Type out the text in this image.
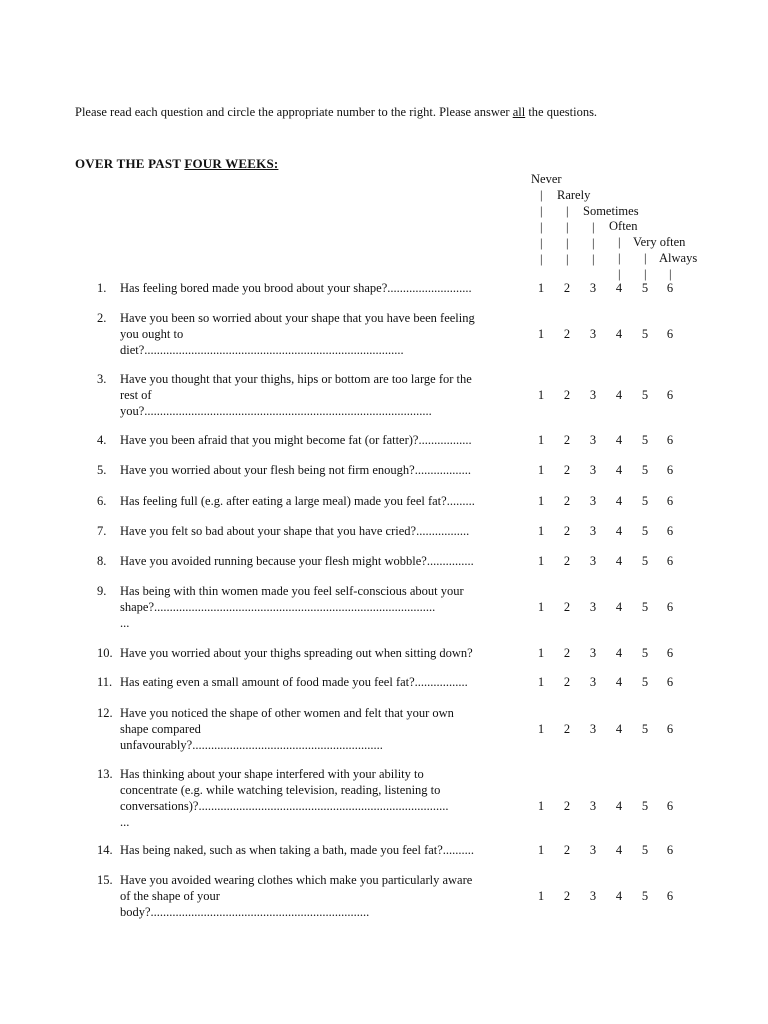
Please read each question and circle the appropriate number to the right. Please answer all the questions.
OVER THE PAST FOUR WEEKS:
Never
|
|
|
|
|
Rarely
|
|
|
|
Sometimes
|
|
|
Often
|
|
|
Very often
|
|
Always
|
1. Has feeling bored made you brood about your shape?...........................	1	2	3	4	5	6
2. Have you been so worried about your shape that you have been feeling
you ought to
diet?...................................................................................
1	2	3	4	5	6
3. Have you thought that your thighs, hips or bottom are too large for the
rest of
you?............................................................................................
1	2	3	4	5	6
4. Have you been afraid that you might become fat (or fatter)?.................	1	2	3	4	5	6
5. Have you worried about your flesh being not firm enough?..................	1	2	3	4	5	6
6. Has feeling full (e.g. after eating a large meal) made you feel fat?.........	1	2	3	4	5	6
7. Have you felt so bad about your shape that you have cried?.................	1	2	3	4	5	6
8. Have you avoided running because your flesh might wobble?...............	1	2	3	4	5	6
9. Has being with thin women made you feel self-conscious about your
shape?..........................................................................................
...
1	2	3	4	5	6
10. Have you worried about your thighs spreading out when sitting down?	1	2	3	4	5	6
11. Has eating even a small amount of food made you feel fat?.................	1	2	3	4	5	6
12. Have you noticed the shape of other women and felt that your own
shape compared
unfavourably?.............................................................
1	2	3	4	5	6
13. Has thinking about your shape interfered with your ability to
concentrate (e.g. while watching television, reading, listening to
conversations)?................................................................................
...
1	2	3	4	5	6
14. Has being naked, such as when taking a bath, made you feel fat?..........	1	2	3	4	5	6
15. Have you avoided wearing clothes which make you particularly aware
of the shape of your
body?......................................................................
1	2	3	4	5	6
